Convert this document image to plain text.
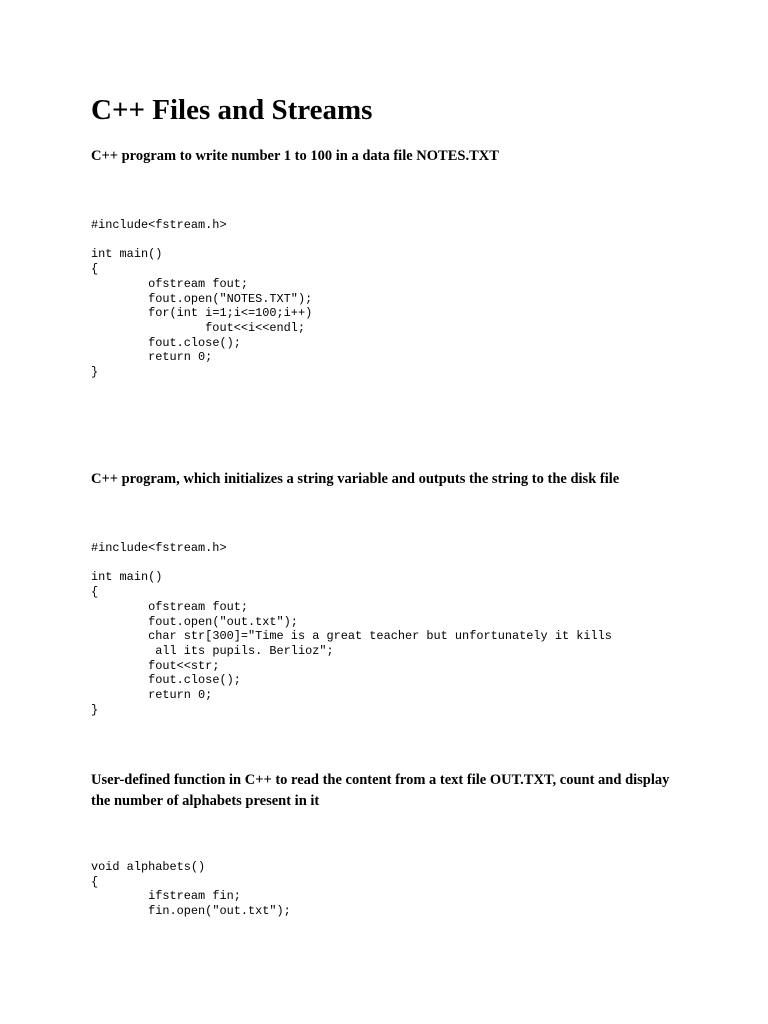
C++ Files and Streams
C++ program to write number 1 to 100 in a data file NOTES.TXT
#include<fstream.h>

int main()
{
	ofstream fout;
	fout.open("NOTES.TXT");
	for(int i=1;i<=100;i++)
		fout<<i<<endl;
	fout.close();
	return 0;
}
C++ program, which initializes a string variable and outputs the string to the disk file
#include<fstream.h>

int main()
{
	ofstream fout;
	fout.open("out.txt");
	char str[300]="Time is a great teacher but unfortunately it kills
	all its pupils. Berlioz";
	fout<<str;
	fout.close();
	return 0;
}
User-defined function in C++ to read the content from a text file OUT.TXT, count and display the number of alphabets present in it
void alphabets()
{
	ifstream fin;
	fin.open("out.txt");
